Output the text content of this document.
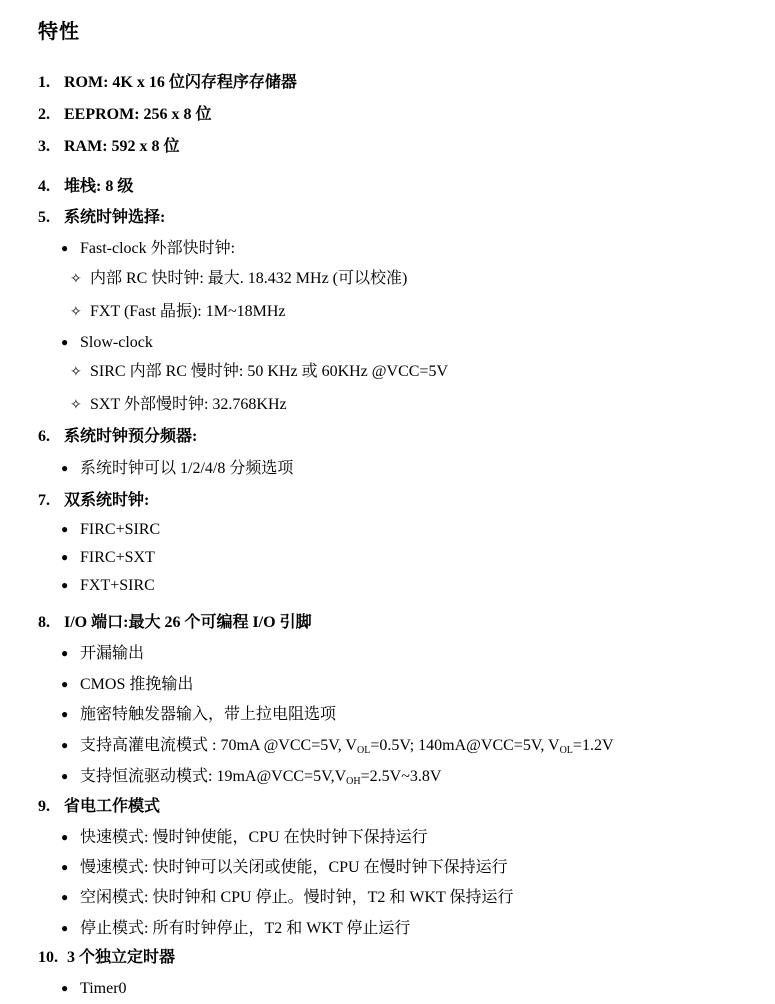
特性
1. ROM: 4K x 16 位闪存程序存储器
2. EEPROM: 256 x 8 位
3. RAM: 592 x 8 位
4. 堆栈: 8 级
5. 系统时钟选择:
● Fast-clock 外部快时钟:
✧ 内部 RC 快时钟: 最大. 18.432 MHz (可以校准)
✧ FXT (Fast 晶振): 1M~18MHz
● Slow-clock
✧ SIRC 内部 RC 慢时钟: 50 KHz 或 60KHz @VCC=5V
✧ SXT 外部慢时钟: 32.768KHz
6. 系统时钟预分频器:
● 系统时钟可以 1/2/4/8 分频选项
7. 双系统时钟:
● FIRC+SIRC
● FIRC+SXT
● FXT+SIRC
8. I/O 端口:最大 26 个可编程 I/O 引脚
● 开漏输出
● CMOS 推挽输出
● 施密特触发器输入，带上拉电阻选项
● 支持高灌电流模式 : 70mA @VCC=5V, VOL=0.5V; 140mA@VCC=5V, VOL=1.2V
● 支持恒流驱动模式: 19mA@VCC=5V,VOH=2.5V~3.8V
9. 省电工作模式
● 快速模式: 慢时钟使能，CPU 在快时钟下保持运行
● 慢速模式: 快时钟可以关闭或使能，CPU 在慢时钟下保持运行
● 空闲模式: 快时钟和 CPU 停止。慢时钟，T2 和 WKT 保持运行
● 停止模式: 所有时钟停止，T2 和 WKT 停止运行
10. 3 个独立定时器
● Timer0
